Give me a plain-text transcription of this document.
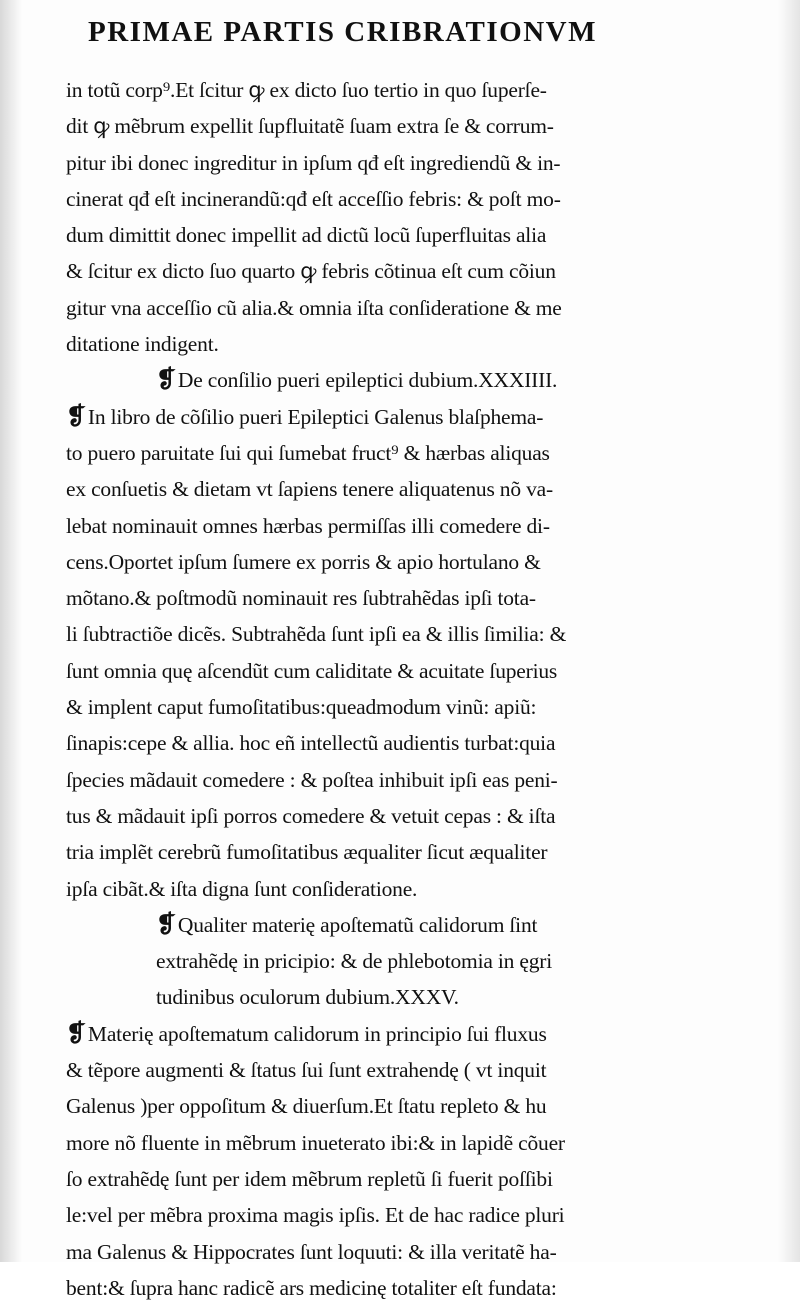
PRIMAE PARTIS CRIBRATIONVM
in totũ corp⁹.Et ſcitur ꝙ ex dicto ſuo tertio in quo ſuperſe-
dit ꝙ mẽbrum expellit ſupfluitatẽ ſuam extra ſe & corrum-
pitur ibi donec ingreditur in ipſum qđ eſt ingrediendũ & in-
cinerat qđ eſt incinerandũ:qđ eſt acceſſio febris: & poſt mo-
dum dimittit donec impellit ad dictũ locũ ſuperfluitas alia
& ſcitur ex dicto ſuo quarto ꝙ febris cõtinua eſt cum cõiun
gitur vna acceſſio cũ alia.& omnia iſta conſideratione & me
ditatione indigent.
❡De conſilio pueri epileptici dubium.XXXIIII.
❡In libro de cõſilio pueri Epileptici Galenus blaſphema-
to puero paruitate ſui qui ſumebat fruct⁹ & hærbas aliquas
ex conſuetis & dietam vt ſapiens tenere aliquatenus nõ va-
lebat nominauit omnes hærbas permiſſas illi comedere di-
cens.Oportet ipſum ſumere ex porris & apio hortulano &
mõtano.& poſtmodũ nominauit res ſubtrahẽdas ipſi tota-
li ſubtractiõe dicẽs. Subtrahẽda ſunt ipſi ea & illis ſimilia: &
ſunt omnia quę aſcendũt cum caliditate & acuitate ſuperius
& implent caput fumoſitatibus:queadmodum vinũ: apiũ:
ſinapis:cepe & allia. hoc eñ intellectũ audientis turbat:quia
ſpecies mãdauit comedere : & poſtea inhibuit ipſi eas peni-
tus & mãdauit ipſi porros comedere & vetuit cepas : & iſta
tria implẽt cerebrũ fumoſitatibus æqualiter ſicut æqualiter
ipſa cibãt.& iſta digna ſunt conſideratione.
❡Qualiter materię apoſtematũ calidorum ſint
extrahẽdę in pricipio: & de phlebotomia in ęgri
tudinibus oculorum dubium.XXXV.
❡Materię apoſtematum calidorum in principio ſui fluxus
& tẽpore augmenti & ſtatus ſui ſunt extrahendę ( vt inquit
Galenus )per oppoſitum & diuerſum.Et ſtatu repleto & hu
more nõ fluente in mẽbrum inueterato ibi:& in lapidẽ cõuer
ſo extrahẽdę ſunt per idem mẽbrum repletũ ſi fuerit poſſibi
le:vel per mẽbra proxima magis ipſis. Et de hac radice pluri
ma Galenus & Hippocrates ſunt loquuti: & illa veritatẽ ha-
bent:& ſupra hanc radicẽ ars medicinę totaliter eſt fundata:
